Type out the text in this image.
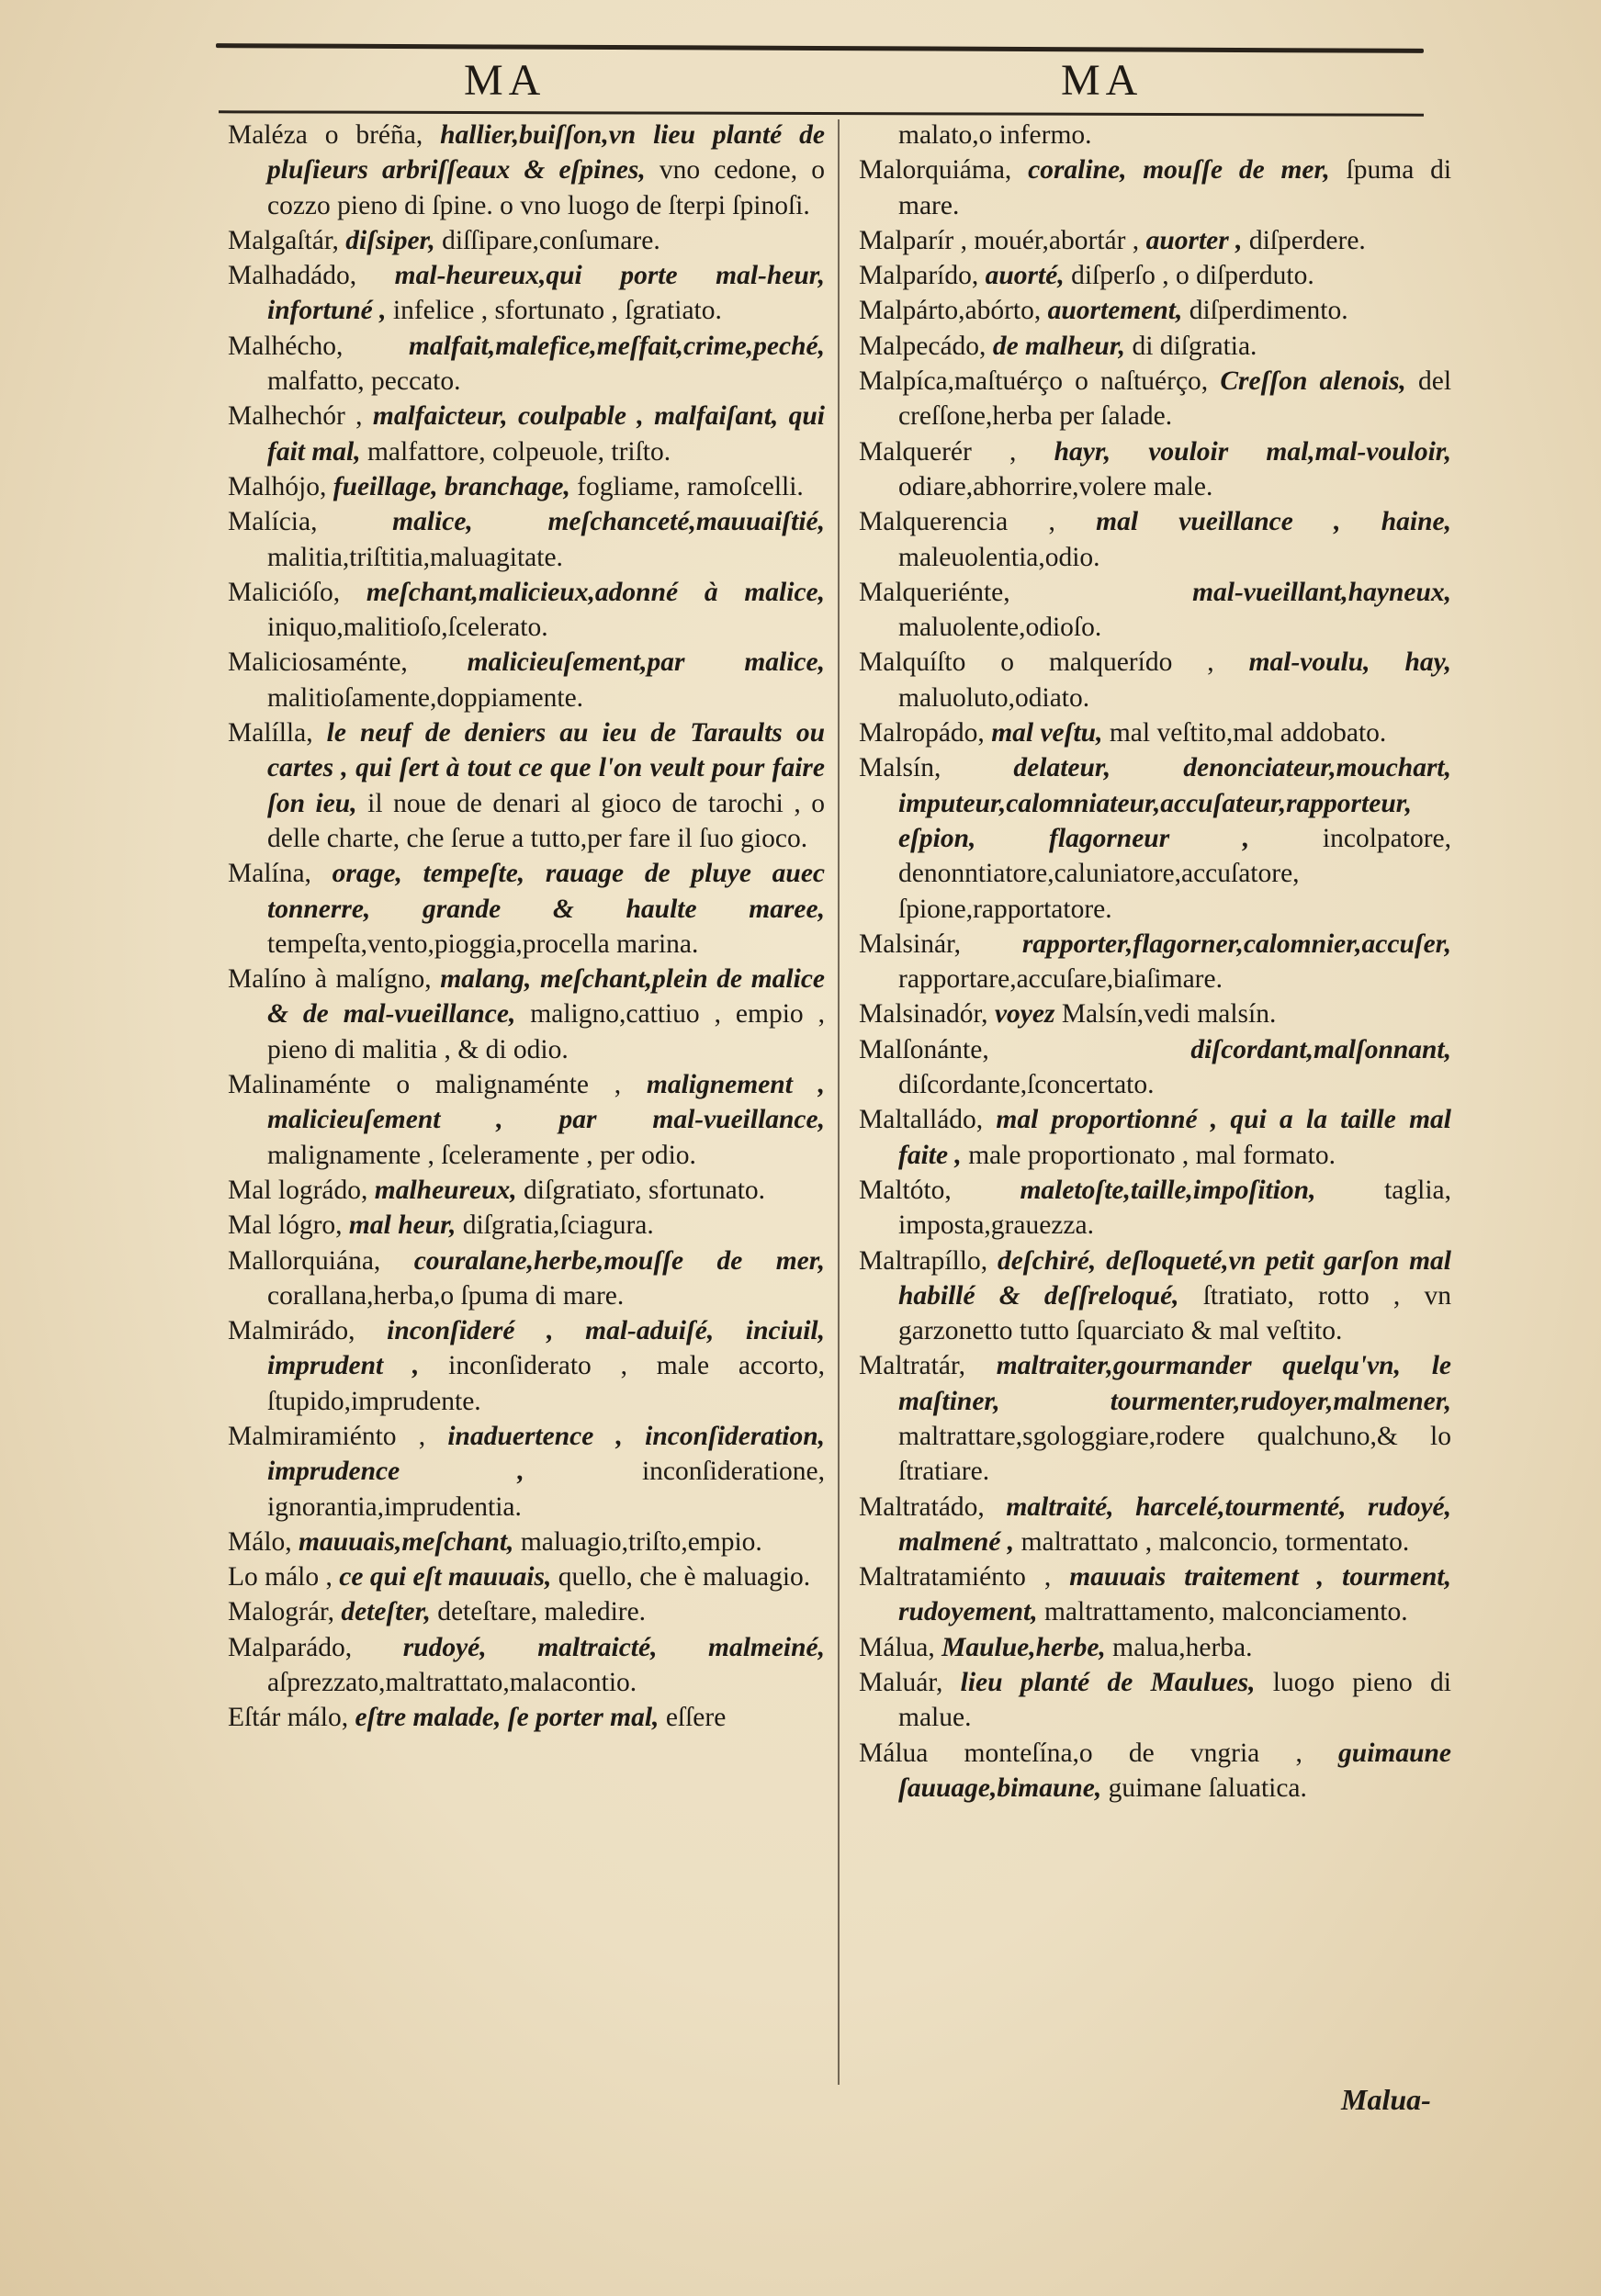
MA	MA
Maléza o bréña, hallier,buiſſon,vn lieu planté de pluſieurs arbriſſeaux & eſpines, vno cedone, o cozzo pieno di ſpine. o vno luogo de ſterpi ſpinoſi.
Malgaſtár, diſsiper, diſſipare,conſumare.
Malhadádo, mal-heureux,qui porte mal-heur, infortuné , infelice , sfortunato , ſgratiato.
Malhécho, malfait,malefice,meſfait,crime,peché, malfatto, peccato.
Malhechór , malfaicteur, coulpable , malfaiſant, qui fait mal, malfattore, colpeuole, triſto.
Malhójo, fueillage, branchage, fogliame, ramoſcelli.
Malícia,	malice, meſchanceté,mauuaiſtié, malitia,triſtitia,maluagitate.
Malicióſo, meſchant,malicieux,adonné à malice, iniquo,malitioſo,ſcelerato.
Maliciosaménte, malicieuſement,par malice, malitioſamente,doppiamente.
Malílla, le neuf de deniers au ieu de Taraults ou cartes , qui ſert à tout ce que l'on veult pour faire ſon ieu, il noue de denari al gioco de tarochi , o delle charte, che ſerue a tutto,per fare il ſuo gioco.
Malína, orage, tempeſte, rauage de pluye auec tonnerre, grande & haulte maree, tempeſta,vento,pioggia,procella marina.
Malíno à malígno, malang, meſchant,plein de malice & de mal-vueillance, maligno,cattiuo , empio , pieno di malitia , & di odio.
Malinaménte o malignaménte , malignement , malicieuſement , par mal-vueillance, malignamente , ſceleramente , per odio.
Mal lográdo, malheureux, diſgratiato, sfortunato.
Mal lógro, mal heur, diſgratia,ſciagura.
Mallorquiána, couralane,herbe,mouſſe de mer, corallana,herba,o ſpuma di mare.
Malmirádo, inconſideré , mal-aduiſé, inciuil, imprudent , inconſiderato , male accorto, ſtupido,imprudente.
Malmiramiénto , inaduertence , inconſideration, imprudence ,	inconſideratione, ignorantia,imprudentia.
Málo, mauuais,meſchant, maluagio,triſto,empio.
Lo málo , ce qui eſt mauuais, quello, che è maluagio.
Malográr, deteſter, deteſtare, maledire.
Malparádo, rudoyé, maltraicté, malmeiné, aſprezzato,maltrattato,malacontio.
Eſtár málo, eſtre malade, ſe porter mal, eſſere
malato,o infermo.
Malorquiáma, coraline, mouſſe de mer, ſpuma di mare.
Malparír , mouér,abortár , auorter , diſperdere.
Malparído, auorté, diſperſo , o diſperduto.
Malpárto,abórto, auortement, diſperdimento.
Malpecádo, de malheur, di diſgratia.
Malpíca,maſtuérço o naſtuérço, Creſſon alenois, del creſſone,herba per ſalade.
Malquerér , hayr, vouloir mal,mal-vouloir, odiare,abhorrire,volere male.
Malquerencia , mal vueillance , haine, maleuolentia,odio.
Malqueriénte,	mal-vueillant,hayneux, maluolente,odioſo.
Malquíſto o malquerído , mal-voulu, hay, maluoluto,odiato.
Malropádo, mal veſtu, mal veſtito,mal addobato.
Malsín,	delateur, denonciateur,mouchart, imputeur,calomniateur,accuſateur,rapporteur, eſpion, flagorneur ,	incolpatore, denonntiatore,caluniatore,accuſatore, ſpione,rapportatore.
Malsinár, rapporter,flagorner,calomnier,accuſer, rapportare,accuſare,biaſimare.
Malsinadór, voyez Malsín,vedi malsín.
Malſonánte,	diſcordant,malſonnant, diſcordante,ſconcertato.
Maltalládo, mal proportionné , qui a la taille mal faite , male proportionato , mal formato.
Maltóto,	maletoſte,taille,impoſition,	taglia, imposta,grauezza.
Maltrapíllo, deſchiré, deſloqueté,vn petit garſon mal habillé & deſſreloqué, ſtratiato, rotto , vn garzonetto tutto ſquarciato & mal veſtito.
Maltratár, maltraiter,gourmander quelqu'vn, le maſtiner, tourmenter,rudoyer,malmener, maltrattare,sgologgiare,rodere qualchuno,& lo ſtratiare.
Maltratádo, maltraité, harcelé,tourmenté, rudoyé, malmené , maltrattato , malconcio, tormentato.
Maltratamiénto , mauuais traitement , tourment, rudoyement, maltrattamento, malconciamento.
Málua, Maulue,herbe, malua,herba.
Maluár, lieu planté de Maulues, luogo pieno di malue.
Málua monteſína,o de vngria , guimaune ſauuage,bimaune, guimane ſaluatica.
Malua-
